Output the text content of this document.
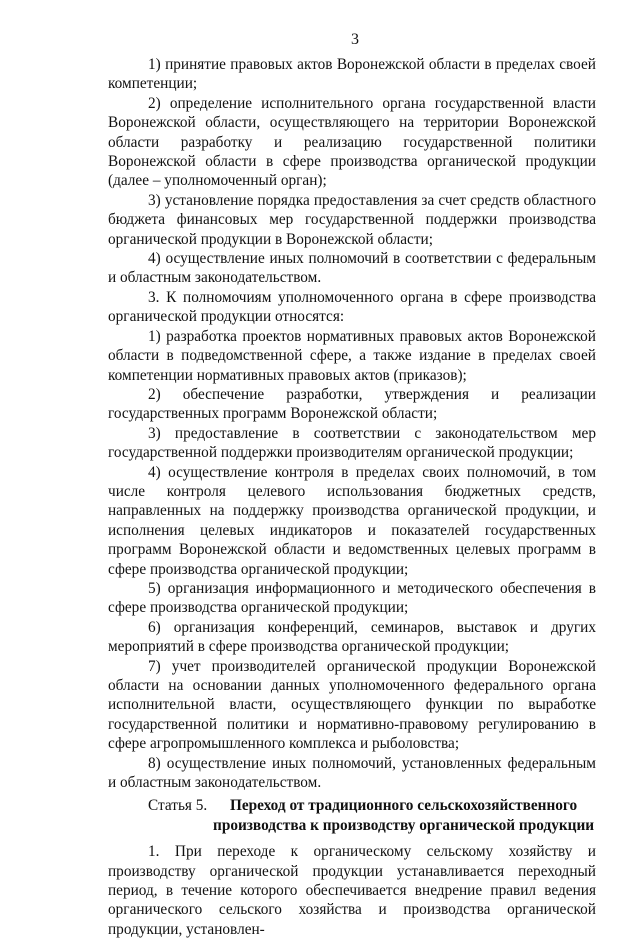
3

1) принятие правовых актов Воронежской области в пределах своей компетенции;

2) определение исполнительного органа государственной власти Воронежской области, осуществляющего на территории Воронежской области разработку и реализацию государственной политики Воронежской области в сфере производства органической продукции (далее – уполномоченный орган);

3) установление порядка предоставления за счет средств областного бюджета финансовых мер государственной поддержки производства органической продукции в Воронежской области;

4) осуществление иных полномочий в соответствии с федеральным и областным законодательством.

3. К полномочиям уполномоченного органа в сфере производства органической продукции относятся:

1) разработка проектов нормативных правовых актов Воронежской области в подведомственной сфере, а также издание в пределах своей компетенции нормативных правовых актов (приказов);

2) обеспечение разработки, утверждения и реализации государственных программ Воронежской области;

3) предоставление в соответствии с законодательством мер государственной поддержки производителям органической продукции;

4) осуществление контроля в пределах своих полномочий, в том числе контроля целевого использования бюджетных средств, направленных на поддержку производства органической продукции, и исполнения целевых индикаторов и показателей государственных программ Воронежской области и ведомственных целевых программ в сфере производства органической продукции;

5) организация информационного и методического обеспечения в сфере производства органической продукции;

6) организация конференций, семинаров, выставок и других мероприятий в сфере производства органической продукции;

7) учет производителей органической продукции Воронежской области на основании данных уполномоченного федерального органа исполнительной власти, осуществляющего функции по выработке государственной политики и нормативно-правовому регулированию в сфере агропромышленного комплекса и рыболовства;

8) осуществление иных полномочий, установленных федеральным и областным законодательством.

Статья 5.	Переход от традиционного сельскохозяйственного производства к производству органической продукции

1. При переходе к органическому сельскому хозяйству и производству органической продукции устанавливается переходный период, в течение которого обеспечивается внедрение правил ведения органического сельского хозяйства и производства органической продукции, установлен-
